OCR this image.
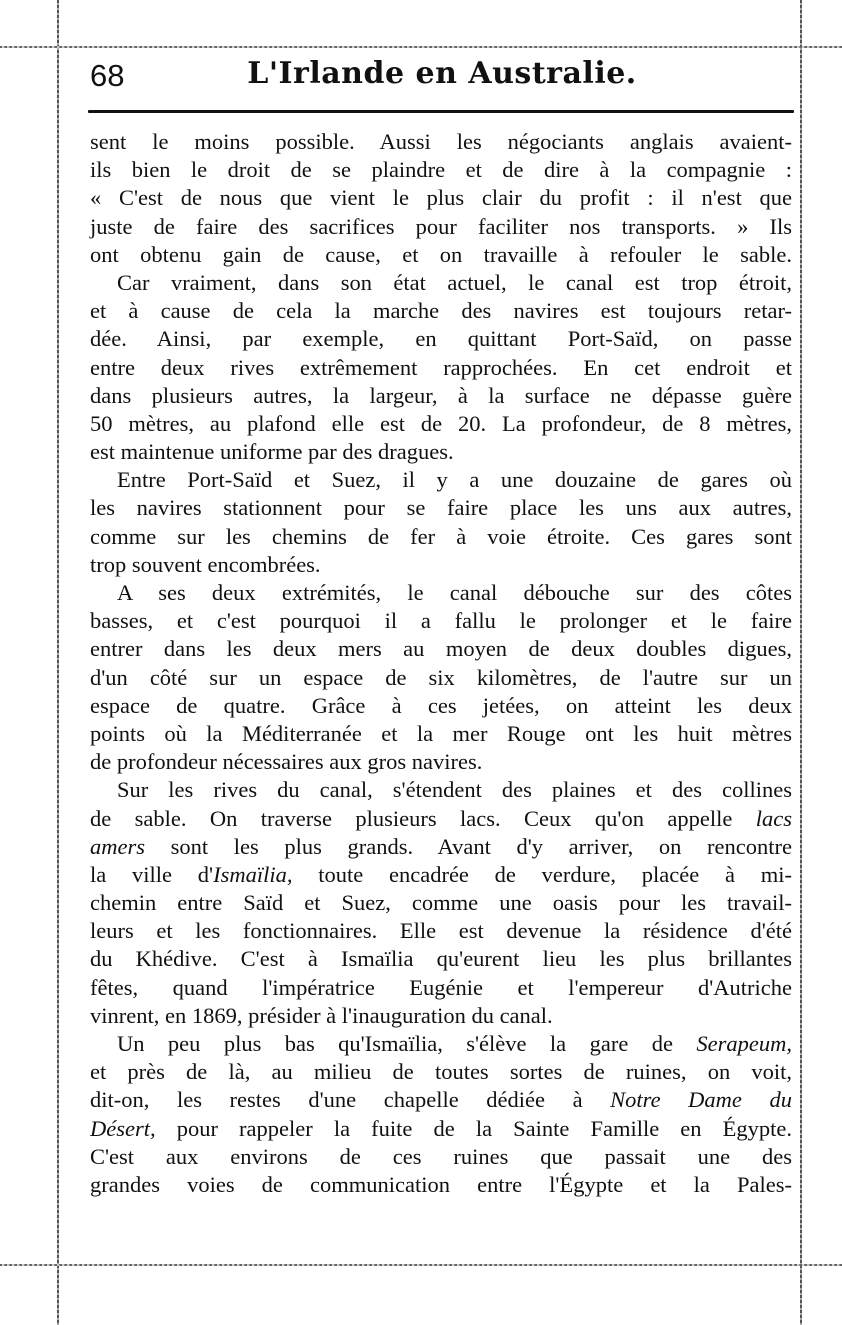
68	L'Irlande en Australie.
sent le moins possible. Aussi les négociants anglais avaient-
ils bien le droit de se plaindre et de dire à la compagnie :
« C'est de nous que vient le plus clair du profit : il n'est que
juste de faire des sacrifices pour faciliter nos transports. » Ils
ont obtenu gain de cause, et on travaille à refouler le sable.
Car vraiment, dans son état actuel, le canal est trop étroit,
et à cause de cela la marche des navires est toujours retar-
dée. Ainsi, par exemple, en quittant Port-Saïd, on passe
entre deux rives extrêmement rapprochées. En cet endroit et
dans plusieurs autres, la largeur, à la surface ne dépasse guère
50 mètres, au plafond elle est de 20. La profondeur, de 8 mètres,
est maintenue uniforme par des dragues.
Entre Port-Saïd et Suez, il y a une douzaine de gares où
les navires stationnent pour se faire place les uns aux autres,
comme sur les chemins de fer à voie étroite. Ces gares sont
trop souvent encombrées.
A ses deux extrémités, le canal débouche sur des côtes
basses, et c'est pourquoi il a fallu le prolonger et le faire
entrer dans les deux mers au moyen de deux doubles digues,
d'un côté sur un espace de six kilomètres, de l'autre sur un
espace de quatre. Grâce à ces jetées, on atteint les deux
points où la Méditerranée et la mer Rouge ont les huit mètres
de profondeur nécessaires aux gros navires.
Sur les rives du canal, s'étendent des plaines et des collines
de sable. On traverse plusieurs lacs. Ceux qu'on appelle lacs
amers sont les plus grands. Avant d'y arriver, on rencontre
la ville d'Ismaïlia, toute encadrée de verdure, placée à mi-
chemin entre Saïd et Suez, comme une oasis pour les travail-
leurs et les fonctionnaires. Elle est devenue la résidence d'été
du Khédive. C'est à Ismaïlia qu'eurent lieu les plus brillantes
fêtes, quand l'impératrice Eugénie et l'empereur d'Autriche
vinrent, en 1869, présider à l'inauguration du canal.
Un peu plus bas qu'Ismaïlia, s'élève la gare de Serapeum,
et près de là, au milieu de toutes sortes de ruines, on voit,
dit-on, les restes d'une chapelle dédiée à Notre Dame du
Désert, pour rappeler la fuite de la Sainte Famille en Égypte.
C'est aux environs de ces ruines que passait une des
grandes voies de communication entre l'Égypte et la Pales-
